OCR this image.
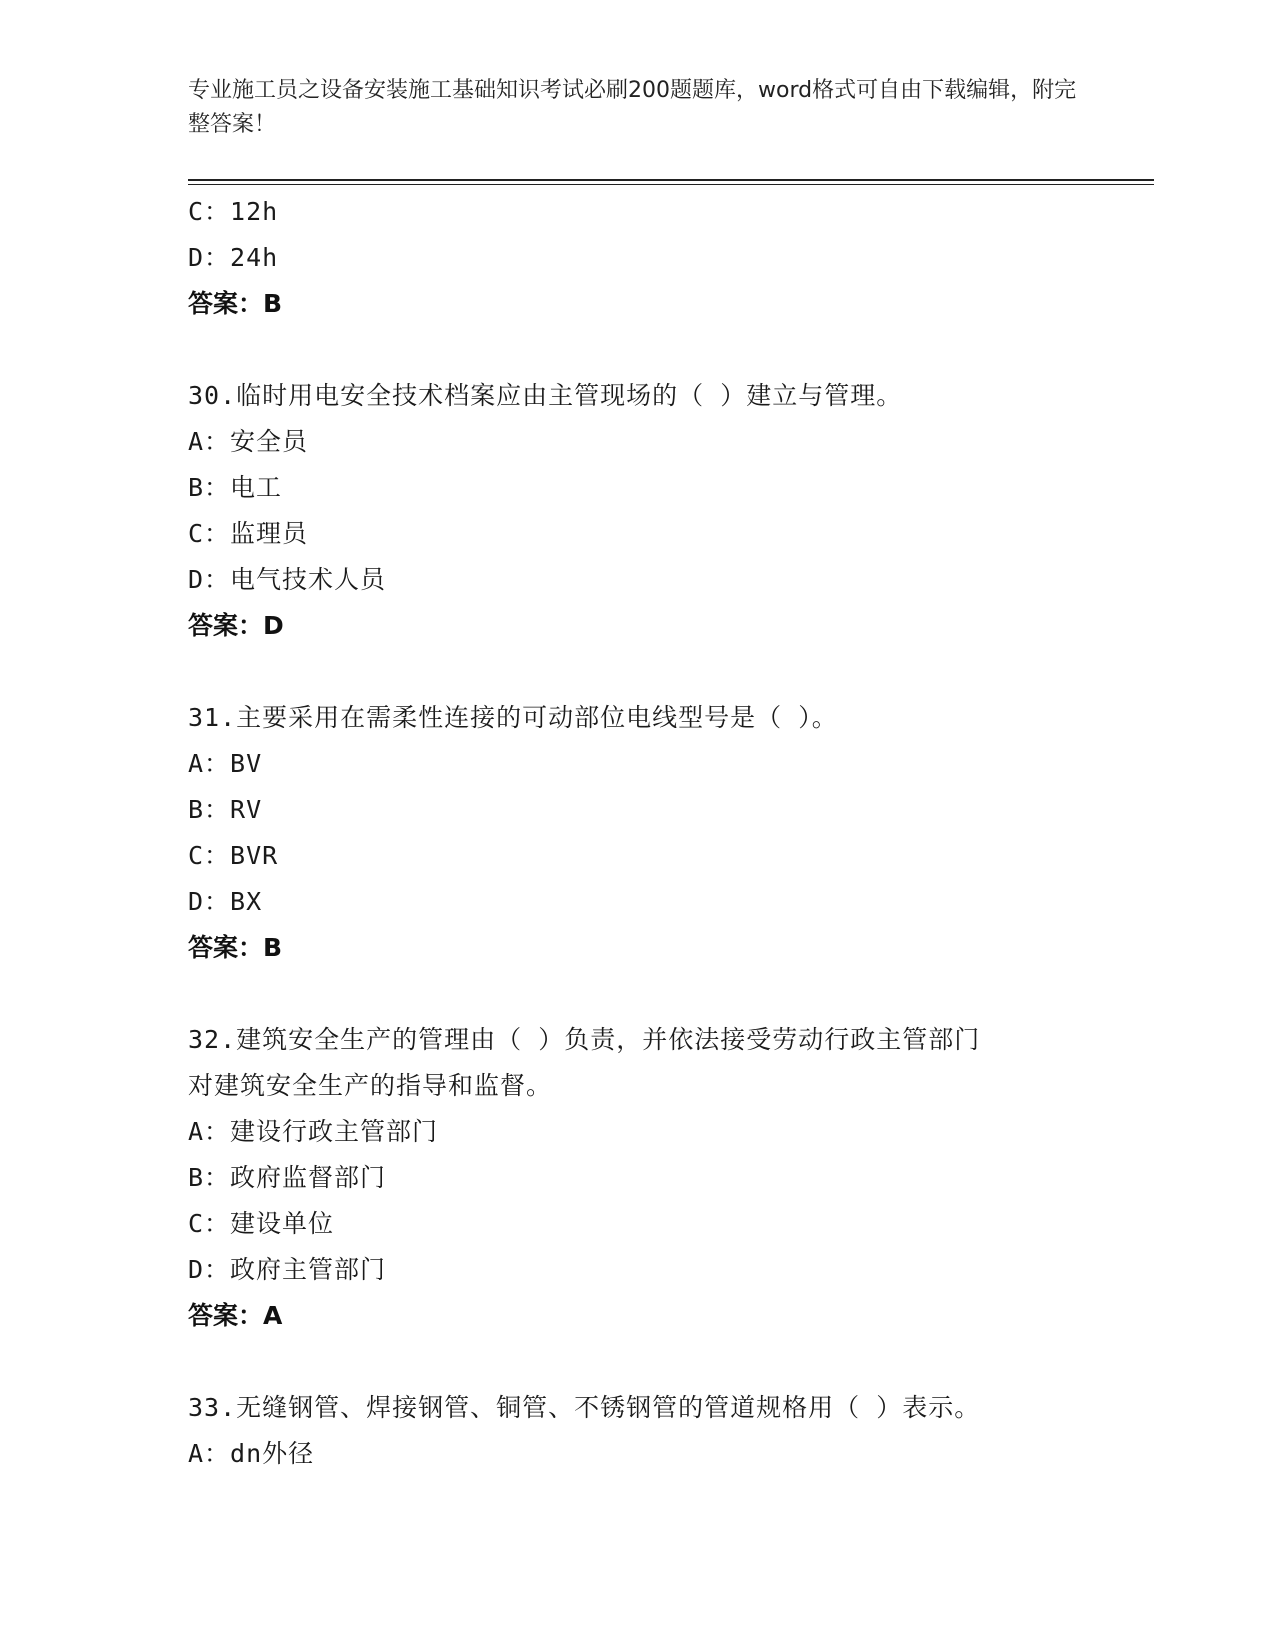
专业施工员之设备安装施工基础知识考试必刷200题题库，word格式可自由下载编辑，附完整答案！
C：12h
D：24h
答案：B
30.临时用电安全技术档案应由主管现场的（ ）建立与管理。
A：安全员
B：电工
C：监理员
D：电气技术人员
答案：D
31.主要采用在需柔性连接的可动部位电线型号是（ ）。
A：BV
B：RV
C：BVR
D：BX
答案：B
32.建筑安全生产的管理由（ ）负责，并依法接受劳动行政主管部门
对建筑安全生产的指导和监督。
A：建设行政主管部门
B：政府监督部门
C：建设单位
D：政府主管部门
答案：A
33.无缝钢管、焊接钢管、铜管、不锈钢管的管道规格用（ ）表示。
A：dn外径
